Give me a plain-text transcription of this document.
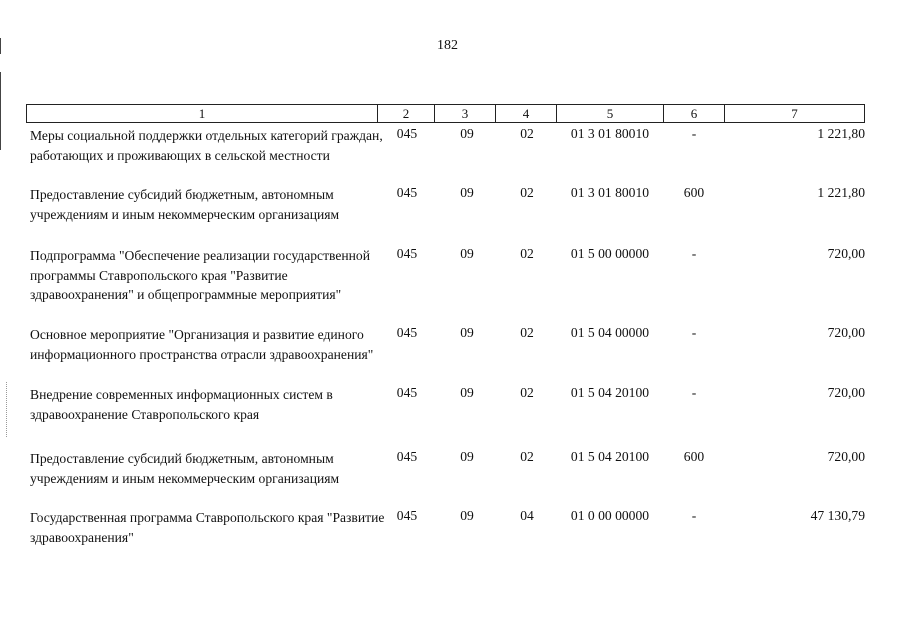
182
1	2	3	4	5	6	7
Меры социальной поддержки отдельных категорий граждан, работающих и проживающих в сельской местности
045	09	02	01 3 01 80010	-	1 221,80
Предоставление субсидий бюджетным, автономным учреждениям и иным некоммерческим организациям
045	09	02	01 3 01 80010	600	1 221,80
Подпрограмма "Обеспечение реализации государственной программы Ставропольского края "Развитие здравоохранения" и общепрограммные мероприятия"
045	09	02	01 5 00 00000	-	720,00
Основное мероприятие "Организация и развитие единого информационного пространства отрасли здравоохранения"
045	09	02	01 5 04 00000	-	720,00
Внедрение современных информационных систем в здравоохранение Ставропольского края
045	09	02	01 5 04 20100	-	720,00
Предоставление субсидий бюджетным, автономным учреждениям и иным некоммерческим организациям
045	09	02	01 5 04 20100	600	720,00
Государственная программа Ставропольского края "Развитие здравоохранения"
045	09	04	01 0 00 00000	-	47 130,79
